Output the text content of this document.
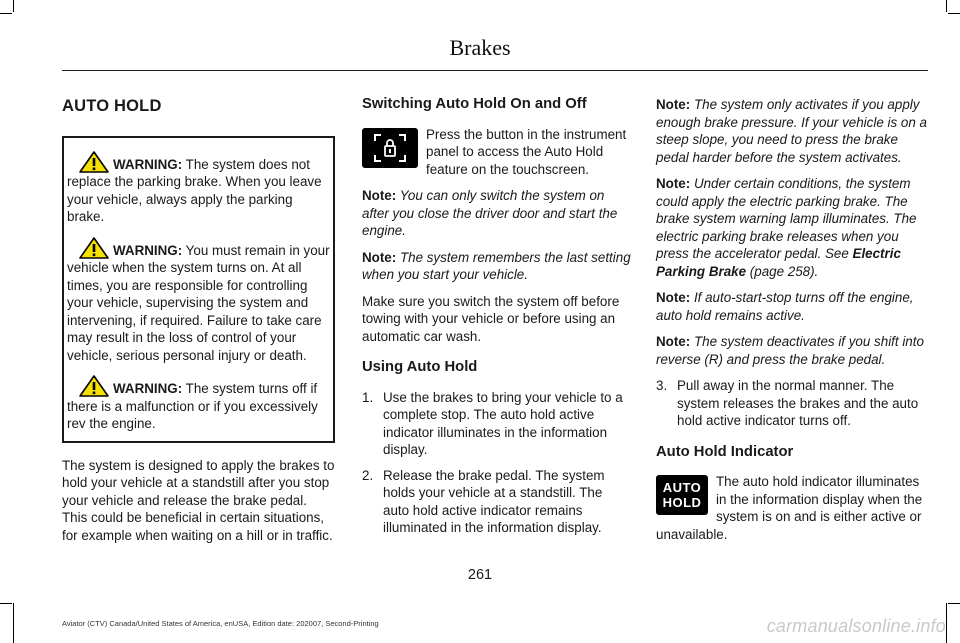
Brakes
AUTO HOLD
WARNING: The system does not replace the parking brake. When you leave your vehicle, always apply the parking brake.
WARNING: You must remain in your vehicle when the system turns on. At all times, you are responsible for controlling your vehicle, supervising the system and intervening, if required. Failure to take care may result in the loss of control of your vehicle, serious personal injury or death.
WARNING: The system turns off if there is a malfunction or if you excessively rev the engine.

The system is designed to apply the brakes to hold your vehicle at a standstill after you stop your vehicle and release the brake pedal. This could be beneficial in certain situations, for example when waiting on a hill or in traffic.

Switching Auto Hold On and Off

Press the button in the instrument panel to access the Auto Hold feature on the touchscreen.

Note: You can only switch the system on after you close the driver door and start the engine.

Note: The system remembers the last setting when you start your vehicle.

Make sure you switch the system off before towing with your vehicle or before using an automatic car wash.

Using Auto Hold
1. Use the brakes to bring your vehicle to a complete stop. The auto hold active indicator illuminates in the information display.
2. Release the brake pedal. The system holds your vehicle at a standstill. The auto hold active indicator remains illuminated in the information display.

Note: The system only activates if you apply enough brake pressure. If your vehicle is on a steep slope, you need to press the brake pedal harder before the system activates.

Note: Under certain conditions, the system could apply the electric parking brake. The brake system warning lamp illuminates. The electric parking brake releases when you press the accelerator pedal. See Electric Parking Brake (page 258).

Note: If auto-start-stop turns off the engine, auto hold remains active.

Note: The system deactivates if you shift into reverse (R) and press the brake pedal.

3. Pull away in the normal manner. The system releases the brakes and the auto hold active indicator turns off.
Auto Hold Indicator

AUTO
HOLD
The auto hold indicator illuminates in the information display when the system is on and is either active or unavailable.

261
Aviator (CTV) Canada/United States of America, enUSA, Edition date: 202007, Second-Printing	carmanualsonline.info
